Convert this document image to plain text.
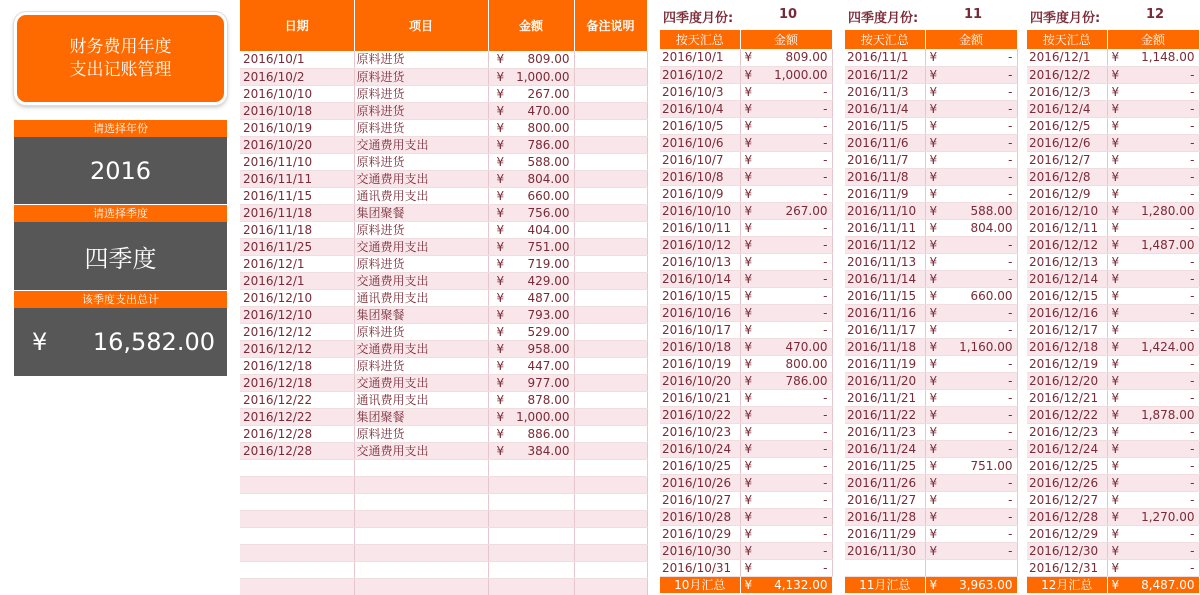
财务费用年度
支出记账管理
请选择年份
2016
请选择季度
四季度
该季度支出总计
¥ 16,582.00
日期	项目	金额	备注说明
2016/10/1	原料进货	¥ 809.00	
2016/10/2	原料进货	¥ 1,000.00	
2016/10/10	原料进货	¥ 267.00	
2016/10/18	原料进货	¥ 470.00	
2016/10/19	原料进货	¥ 800.00	
2016/10/20	交通费用支出	¥ 786.00	
2016/11/10	原料进货	¥ 588.00	
2016/11/11	交通费用支出	¥ 804.00	
2016/11/15	通讯费用支出	¥ 660.00	
2016/11/18	集团聚餐	¥ 756.00	
2016/11/18	原料进货	¥ 404.00	
2016/11/25	交通费用支出	¥ 751.00	
2016/12/1	原料进货	¥ 719.00	
2016/12/1	交通费用支出	¥ 429.00	
2016/12/10	通讯费用支出	¥ 487.00	
2016/12/10	集团聚餐	¥ 793.00	
2016/12/12	原料进货	¥ 529.00	
2016/12/12	交通费用支出	¥ 958.00	
2016/12/18	原料进货	¥ 447.00	
2016/12/18	交通费用支出	¥ 977.00	
2016/12/22	通讯费用支出	¥ 878.00	
2016/12/22	集团聚餐	¥ 1,000.00	
2016/12/28	原料进货	¥ 886.00	
2016/12/28	交通费用支出	¥ 384.00	

四季度月份:	10
按天汇总	金额
2016/10/1	¥ 809.00
2016/10/2	¥ 1,000.00
2016/10/3	¥ -
2016/10/4	¥ -
2016/10/5	¥ -
2016/10/6	¥ -
2016/10/7	¥ -
2016/10/8	¥ -
2016/10/9	¥ -
2016/10/10	¥ 267.00
2016/10/11	¥ -
2016/10/12	¥ -
2016/10/13	¥ -
2016/10/14	¥ -
2016/10/15	¥ -
2016/10/16	¥ -
2016/10/17	¥ -
2016/10/18	¥ 470.00
2016/10/19	¥ 800.00
2016/10/20	¥ 786.00
2016/10/21	¥ -
2016/10/22	¥ -
2016/10/23	¥ -
2016/10/24	¥ -
2016/10/25	¥ -
2016/10/26	¥ -
2016/10/27	¥ -
2016/10/28	¥ -
2016/10/29	¥ -
2016/10/30	¥ -
2016/10/31	¥ -
10月汇总	¥ 4,132.00
四季度月份:	11
按天汇总	金额
2016/11/1	¥ -
2016/11/2	¥ -
2016/11/3	¥ -
2016/11/4	¥ -
2016/11/5	¥ -
2016/11/6	¥ -
2016/11/7	¥ -
2016/11/8	¥ -
2016/11/9	¥ -
2016/11/10	¥ 588.00
2016/11/11	¥ 804.00
2016/11/12	¥ -
2016/11/13	¥ -
2016/11/14	¥ -
2016/11/15	¥ 660.00
2016/11/16	¥ -
2016/11/17	¥ -
2016/11/18	¥ 1,160.00
2016/11/19	¥ -
2016/11/20	¥ -
2016/11/21	¥ -
2016/11/22	¥ -
2016/11/23	¥ -
2016/11/24	¥ -
2016/11/25	¥ 751.00
2016/11/26	¥ -
2016/11/27	¥ -
2016/11/28	¥ -
2016/11/29	¥ -
2016/11/30	¥ -

11月汇总	¥ 3,963.00
四季度月份:	12
按天汇总	金额
2016/12/1	¥ 1,148.00
2016/12/2	¥ -
2016/12/3	¥ -
2016/12/4	¥ -
2016/12/5	¥ -
2016/12/6	¥ -
2016/12/7	¥ -
2016/12/8	¥ -
2016/12/9	¥ -
2016/12/10	¥ 1,280.00
2016/12/11	¥ -
2016/12/12	¥ 1,487.00
2016/12/13	¥ -
2016/12/14	¥ -
2016/12/15	¥ -
2016/12/16	¥ -
2016/12/17	¥ -
2016/12/18	¥ 1,424.00
2016/12/19	¥ -
2016/12/20	¥ -
2016/12/21	¥ -
2016/12/22	¥ 1,878.00
2016/12/23	¥ -
2016/12/24	¥ -
2016/12/25	¥ -
2016/12/26	¥ -
2016/12/27	¥ -
2016/12/28	¥ 1,270.00
2016/12/29	¥ -
2016/12/30	¥ -
2016/12/31	¥ -
12月汇总	¥ 8,487.00
